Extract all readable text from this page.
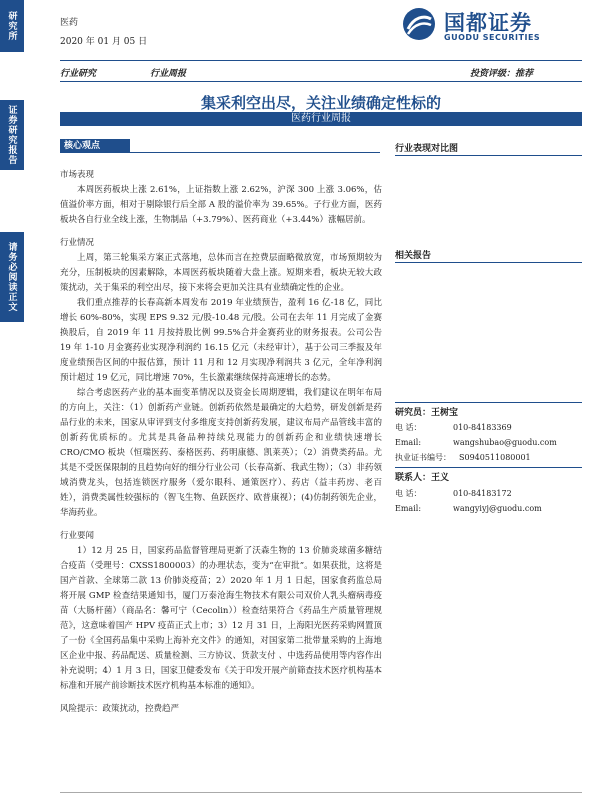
研究所
证券研究报告
请务必阅读正文
医药
2020 年 01 月 05 日
国都证券
GUODU SECURITIES
行业研究	行业周报	投资评级：推荐
集采利空出尽，关注业绩确定性标的
医药行业周报
核心观点

市场表现

本周医药板块上涨 2.61%，上证指数上涨 2.62%，沪深 300 上涨 3.06%，估值溢价率方面，相对于剔除银行后全部 A 股的溢价率为 39.65%。子行业方面，医药板块各自行业全线上涨，生物制品（+3.79%）、医药商业（+3.44%）涨幅居前。

行业情况

上周，第三轮集采方案正式落地，总体而言在控费层面略微放宽，市场预期较为充分，压制板块的因素解除，本周医药板块随着大盘上涨。短期来看，板块无较大政策扰动，关于集采的利空出尽，接下来将会更加关注具有业绩确定性的企业。

我们重点推荐的长春高新本周发布 2019 年业绩预告，盈利 16 亿-18 亿，同比增长 60%-80%，实现 EPS 9.32 元/股-10.48 元/股。公司在去年 11 月完成了金赛换股后，自 2019 年 11 月按持股比例 99.5%合并金赛药业的财务报表。公司公告 19 年 1-10 月金赛药业实现净利润约 16.15 亿元（未经审计），基于公司三季报及年度业绩预告区间的中报估算，预计 11 月和 12 月实现净利润共 3 亿元，全年净利润预计超过 19 亿元，同比增速 70%，生长激素继续保持高速增长的态势。

综合考虑医药产业的基本面变革情况以及资金长周期逻辑，我们建议在明年布局的方向上，关注：（1）创新药产业链。创新药依然是最确定的大趋势，研发创新是药品行业的未来，国家从审评到支付多维度支持创新药发展，建议布局产品管线丰富的创新药优质标的。尤其是具备品种持续兑现能力的创新药企和业绩快速增长 CRO/CMO 板块（恒瑞医药、泰格医药、药明康德、凯莱英）；（2）消费类药品。尤其是不受医保限制的且趋势向好的细分行业公司（长春高新、我武生物）；（3）非药领域消费龙头，包括连锁医疗服务（爱尔眼科、通策医疗）、药店（益丰药房、老百姓），消费类属性较强标的（智飞生物、鱼跃医疗、欧普康视）；(4)仿制药领先企业，华海药业。

行业要闻

1）12 月 25 日，国家药品监督管理局更新了沃森生物的 13 价肺炎球菌多糖结合疫苗（受理号：CXSS1800003）的办理状态，变为“在审批”。如果获批，这将是国产首款、全球第二款 13 价肺炎疫苗；2）2020 年 1 月 1 日起，国家食药监总局将开展 GMP 检查结果通知书，厦门万泰沧海生物技术有限公司双价人乳头瘤病毒疫苗（大肠杆菌）（商品名：馨可宁（Cecolin））检查结果符合《药品生产质量管理规范》，这意味着国产 HPV 疫苗正式上市；3）12 月 31 日，上海阳光医药采购网置顶了一份《全国药品集中采购上海补充文件》的通知，对国家第二批带量采购的上海地区企业中报、药品配送、质量检测、三方协议、货款支付 、中选药品使用等内容作出补充说明；4）1 月 3 日，国家卫健委发布《关于印发开展产前筛查技术医疗机构基本标准和开展产前诊断技术医疗机构基本标准的通知》。

风险提示：政策扰动，控费趋严

行业表现对比图
相关报告
研究员：王树宝
电 话：	010-84183369
Email:	wangshubao@guodu.com
执业证书编号： S0940511080001
联系人：王义
电 话：	010-84183172
Email:	wangyiyj@guodu.com
